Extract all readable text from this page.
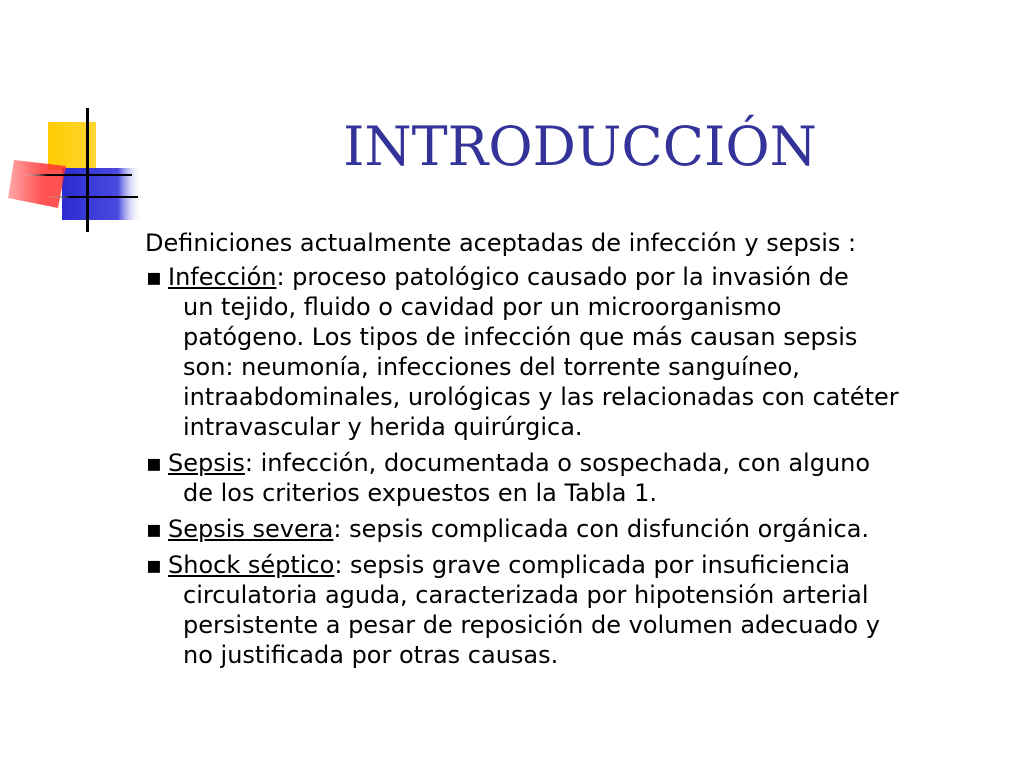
INTRODUCCIÓN
Definiciones actualmente aceptadas de infección y sepsis :
▪ Infección: proceso patológico causado por la invasión de
un tejido, fluido o cavidad por un microorganismo
patógeno. Los tipos de infección que más causan sepsis
son: neumonía, infecciones del torrente sanguíneo,
intraabdominales, urológicas y las relacionadas con catéter
intravascular y herida quirúrgica.
▪ Sepsis: infección, documentada o sospechada, con alguno
de los criterios expuestos en la Tabla 1.
▪ Sepsis severa: sepsis complicada con disfunción orgánica.
▪ Shock séptico: sepsis grave complicada por insuficiencia
circulatoria aguda, caracterizada por hipotensión arterial
persistente a pesar de reposición de volumen adecuado y
no justificada por otras causas.
